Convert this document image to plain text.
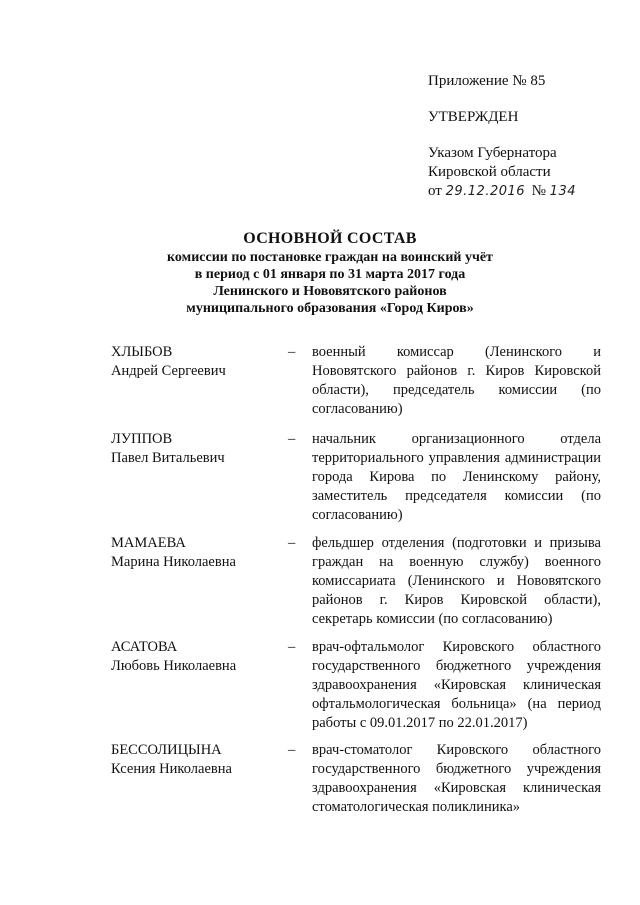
Приложение № 85
УТВЕРЖДЕН
Указом Губернатора
Кировской области
от 29.12.2016 № 134
ОСНОВНОЙ СОСТАВ
комиссии по постановке граждан на воинский учёт
в период с 01 января по 31 марта 2017 года
Ленинского и Нововятского районов
муниципального образования «Город Киров»
ХЛЫБОВ
Андрей Сергеевич
– военный комиссар (Ленинского и Нововятского районов г. Киров Кировской области), председатель комиссии (по согласованию)
ЛУППОВ
Павел Витальевич
– начальник организационного отдела территориального управления администрации города Кирова по Ленинскому району, заместитель председателя комиссии (по согласованию)
МАМАЕВА
Марина Николаевна
– фельдшер отделения (подготовки и призыва граждан на военную службу) военного комиссариата (Ленинского и Нововятского районов г. Киров Кировской области), секретарь комиссии (по согласованию)
АСАТОВА
Любовь Николаевна
– врач-офтальмолог Кировского областного государственного бюджетного учреждения здравоохранения «Кировская клиническая офтальмологическая больница» (на период работы с 09.01.2017 по 22.01.2017)
БЕССОЛИЦЫНА
Ксения Николаевна
– врач-стоматолог Кировского областного государственного бюджетного учреждения здравоохранения «Кировская клиническая стоматологическая поликлиника»
